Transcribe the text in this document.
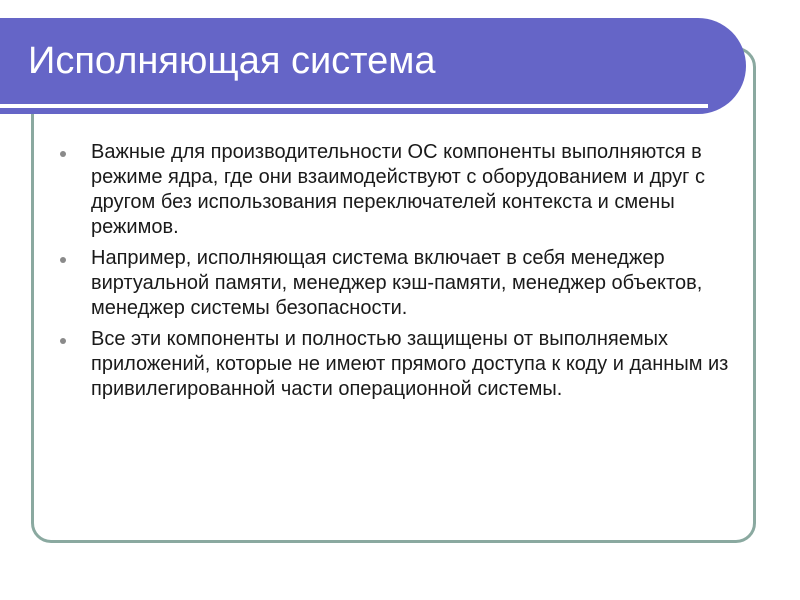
Исполняющая система
Важные для производительности ОС компоненты выполняются в режиме ядра, где они взаимодействуют с оборудованием и друг с другом без использования переключателей контекста и смены режимов.
Например, исполняющая система включает в себя менеджер виртуальной памяти, менеджер кэш-памяти, менеджер объектов, менеджер системы безопасности.
Все эти компоненты и полностью защищены от выполняемых приложений, которые не имеют прямого доступа к коду и данным из привилегированной части операционной системы.
